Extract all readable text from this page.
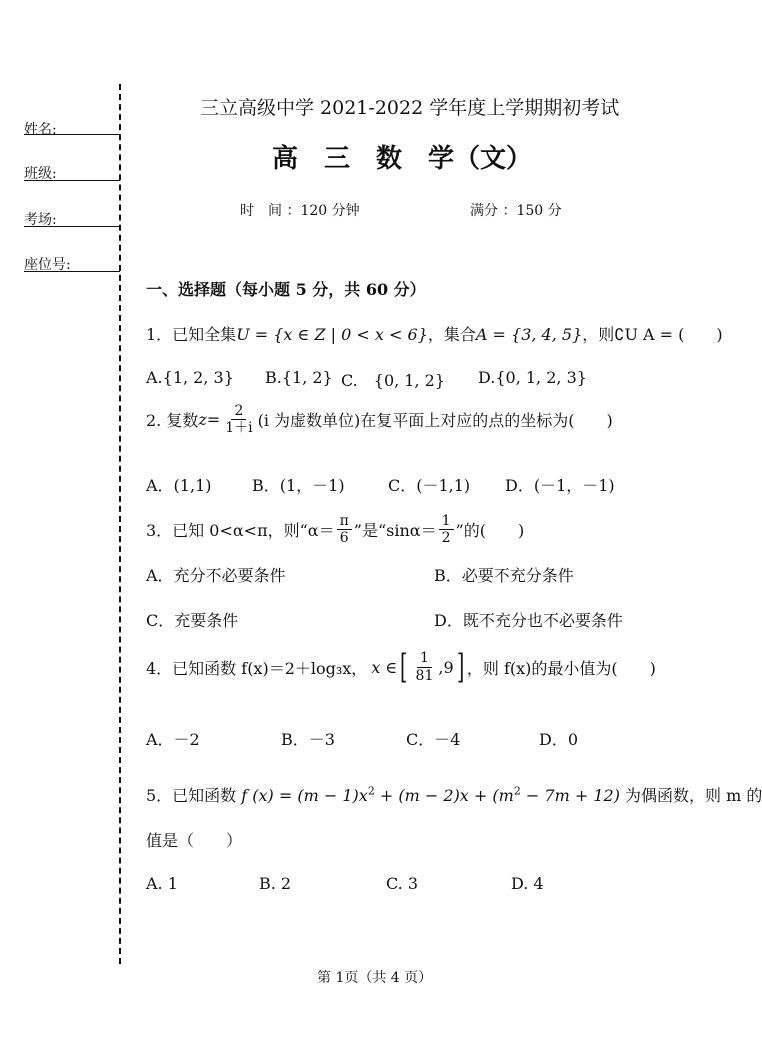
姓名:
班级:
考场:
座位号:
三立高级中学 2021-2022 学年度上学期期初考试
高　三　数　学（文）
时　间 ：120 分钟	满分 ：150 分
一、选择题（每小题 5 分，共 60 分）
1．已知全集U = {x ∈ Z | 0 < x < 6}，集合A = {3, 4, 5}，则∁U A = (　　)
A.{1, 2, 3} B.{1, 2} C.　{0, 1, 2} D.{0, 1, 2, 3}
2. 复数 $z = \frac{2}{1+i} (i$ 为虚数单位)在复平面上对应的点的坐标为(　　)
A．(1,1)	B．(1，－1)	C．(－1,1) D．(－1，－1)
3．已知 0<α<π，则“$\alpha= \frac{\pi}{6}$ ”是“$\sin\alpha= \frac{1}{2}$ ”的(　　)
A．充分不必要条件	B．必要不充分条件
C．充要条件	D．既不充分也不必要条件
4．已知函数 f(x)＝2＋log₃x， x ∈ [ $\frac{1}{81} ,9$ ] ，则 f(x)的最小值为(　　)
A．－2	B．－3	C．－4	D．0
5．已知函数 f $(x) = (m - 1)x^2 + (m - 2)x + (m^2 - 7m + 12)$ 为偶函数，则 m 的
值是（　　）
A. 1	B. 2	C. 3	D. 4
第 1页（共 4 页）
